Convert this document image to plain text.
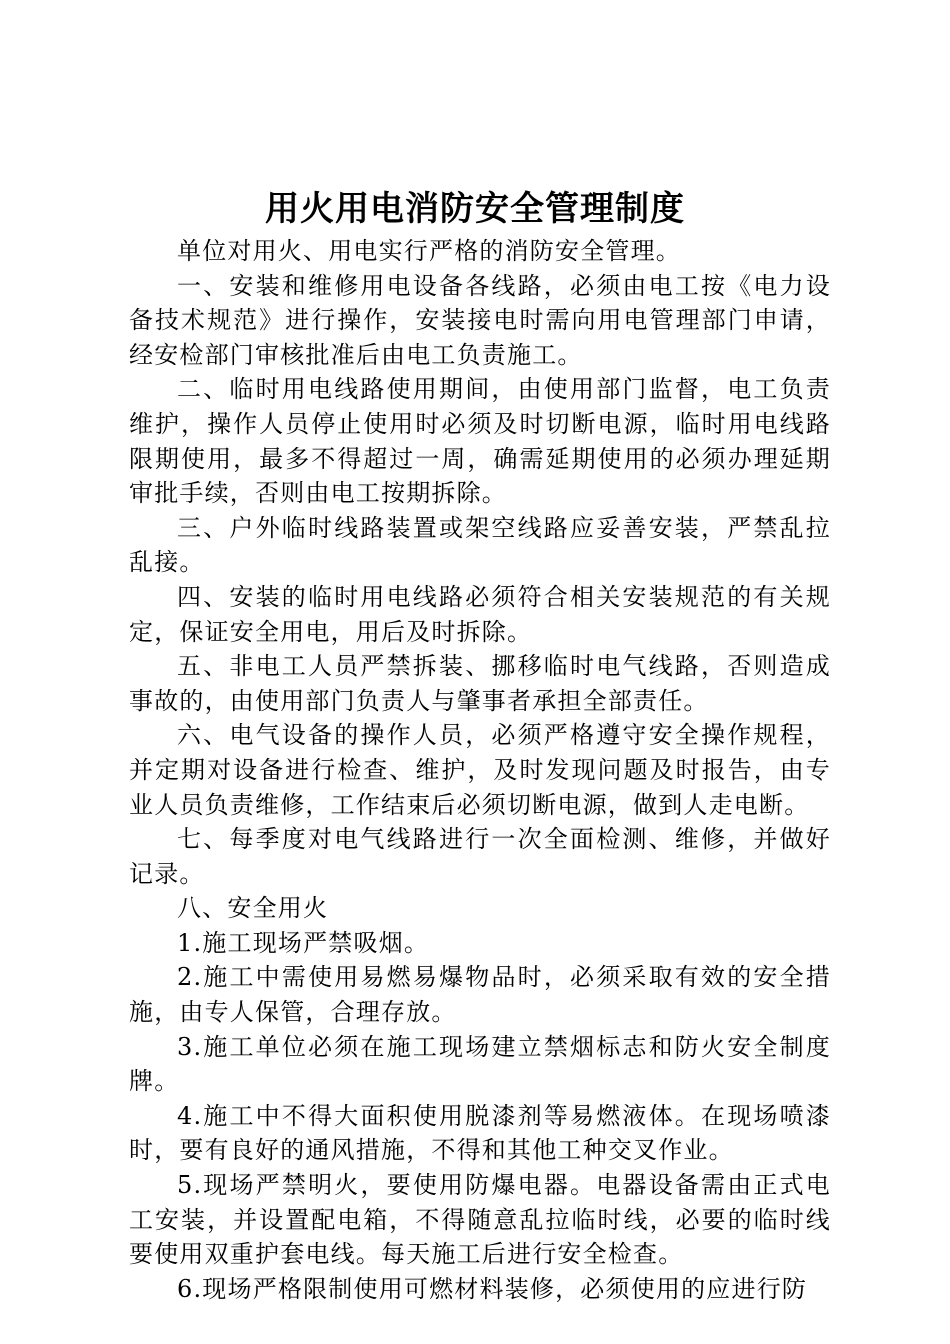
用火用电消防安全管理制度

单位对用火、用电实行严格的消防安全管理。

一、安装和维修用电设备各线路，必须由电工按《电力设备技术规范》进行操作，安装接电时需向用电管理部门申请，经安检部门审核批准后由电工负责施工。

二、临时用电线路使用期间，由使用部门监督，电工负责维护，操作人员停止使用时必须及时切断电源，临时用电线路限期使用，最多不得超过一周，确需延期使用的必须办理延期审批手续，否则由电工按期拆除。

三、户外临时线路装置或架空线路应妥善安装，严禁乱拉乱接。

四、安装的临时用电线路必须符合相关安装规范的有关规定，保证安全用电，用后及时拆除。

五、非电工人员严禁拆装、挪移临时电气线路，否则造成事故的，由使用部门负责人与肇事者承担全部责任。

六、电气设备的操作人员，必须严格遵守安全操作规程，并定期对设备进行检查、维护，及时发现问题及时报告，由专业人员负责维修，工作结束后必须切断电源，做到人走电断。

七、每季度对电气线路进行一次全面检测、维修，并做好记录。

八、安全用火

1.施工现场严禁吸烟。

2.施工中需使用易燃易爆物品时，必须采取有效的安全措施，由专人保管，合理存放。

3.施工单位必须在施工现场建立禁烟标志和防火安全制度牌。

4.施工中不得大面积使用脱漆剂等易燃液体。在现场喷漆时，要有良好的通风措施，不得和其他工种交叉作业。

5.现场严禁明火，要使用防爆电器。电器设备需由正式电工安装，并设置配电箱，不得随意乱拉临时线，必要的临时线要使用双重护套电线。每天施工后进行安全检查。

6.现场严格限制使用可燃材料装修，必须使用的应进行防
